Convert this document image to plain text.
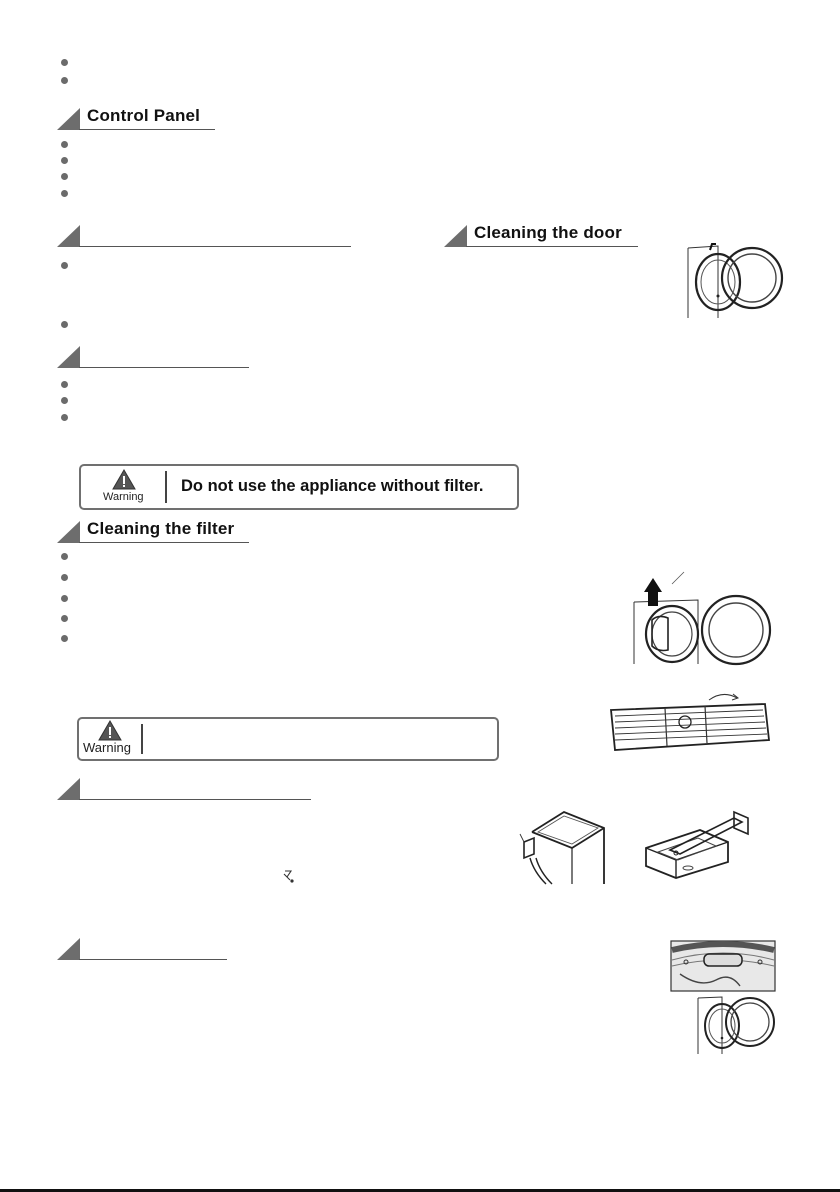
Control Panel
Cleaning the door
Warning
Do not use the appliance without filter.
Cleaning the filter
Warning
